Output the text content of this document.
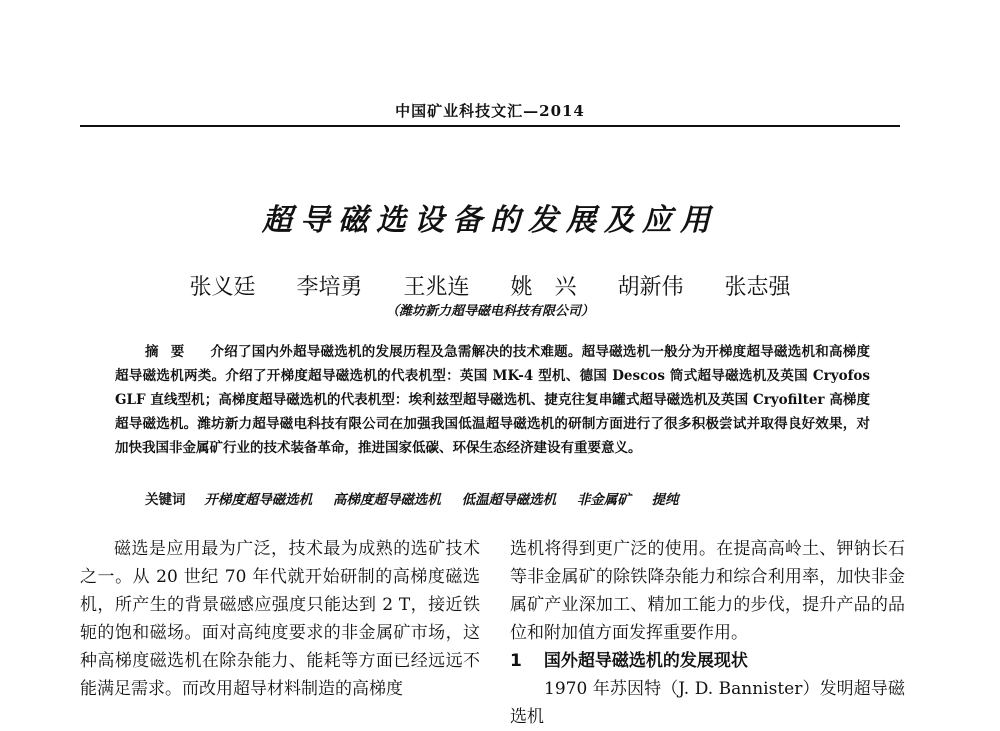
中国矿业科技文汇—2014
超导磁选设备的发展及应用
张义廷 李培勇 王兆连 姚　兴 胡新伟 张志强
（潍坊新力超导磁电科技有限公司）
摘要 介绍了国内外超导磁选机的发展历程及急需解决的技术难题。超导磁选机一般分为开梯度超导磁选机和高梯度超导磁选机两类。介绍了开梯度超导磁选机的代表机型：英国 MK-4 型机、德国 Descos 筒式超导磁选机及英国 Cryofos GLF 直线型机；高梯度超导磁选机的代表机型：埃利兹型超导磁选机、捷克往复串罐式超导磁选机及英国 Cryofilter 高梯度超导磁选机。潍坊新力超导磁电科技有限公司在加强我国低温超导磁选机的研制方面进行了很多积极尝试并取得良好效果，对加快我国非金属矿行业的技术装备革命，推进国家低碳、环保生态经济建设有重要意义。
关键词 开梯度超导磁选机 高梯度超导磁选机 低温超导磁选机 非金属矿 提纯

磁选是应用最为广泛，技术最为成熟的选矿技术之一。从 20 世纪 70 年代就开始研制的高梯度磁选机，所产生的背景磁感应强度只能达到 2 T，接近铁轭的饱和磁场。面对高纯度要求的非金属矿市场，这种高梯度磁选机在除杂能力、能耗等方面已经远远不能满足需求。而改用超导材料制造的高梯度

选机将得到更广泛的使用。在提高高岭土、钾钠长石等非金属矿的除铁降杂能力和综合利用率，加快非金属矿产业深加工、精加工能力的步伐，提升产品的品位和附加值方面发挥重要作用。

1 国外超导磁选机的发展现状

1970 年苏因特（J. D. Bannister）发明超导磁选机
